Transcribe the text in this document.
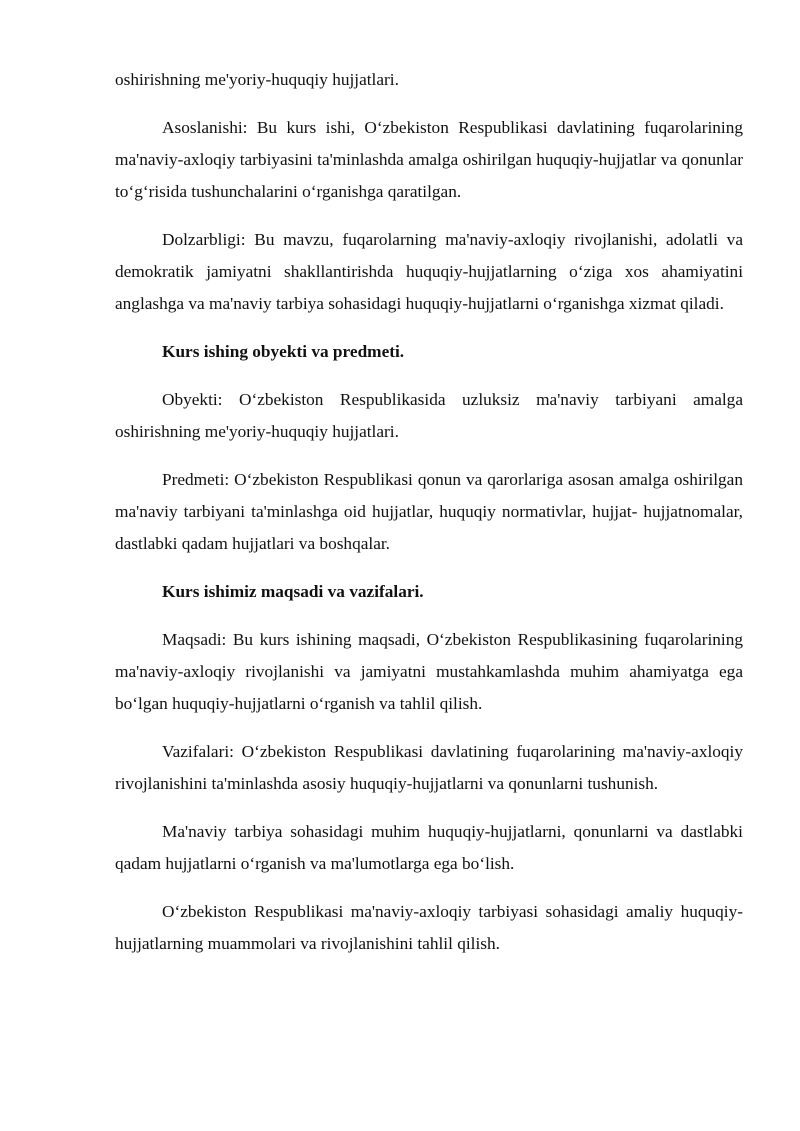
oshirishning me'yoriy-huquqiy hujjatlari.

Asoslanishi: Bu kurs ishi, O‘zbekiston Respublikasi davlatining fuqarolarining ma'naviy-axloqiy tarbiyasini ta'minlashda amalga oshirilgan huquqiy-hujjatlar va qonunlar to‘g‘risida tushunchalarini o‘rganishga qaratilgan.

Dolzarbligi: Bu mavzu, fuqarolarning ma'naviy-axloqiy rivojlanishi, adolatli va demokratik jamiyatni shakllantirishda huquqiy-hujjatlarning o‘ziga xos ahamiyatini anglashga va ma'naviy tarbiya sohasidagi huquqiy-hujjatlarni o‘rganishga xizmat qiladi.

Kurs ishing obyekti va predmeti.

Obyekti: O‘zbekiston Respublikasida uzluksiz ma'naviy tarbiyani amalga oshirishning me'yoriy-huquqiy hujjatlari.

Predmeti: O‘zbekiston Respublikasi qonun va qarorlariga asosan amalga oshirilgan ma'naviy tarbiyani ta'minlashga oid hujjatlar, huquqiy normativlar, hujjat- hujjatnomalar, dastlabki qadam hujjatlari va boshqalar.

Kurs ishimiz maqsadi va vazifalari.

Maqsadi: Bu kurs ishining maqsadi, O‘zbekiston Respublikasining fuqarolarining ma'naviy-axloqiy rivojlanishi va jamiyatni mustahkamlashda muhim ahamiyatga ega bo‘lgan huquqiy-hujjatlarni o‘rganish va tahlil qilish.

Vazifalari: O‘zbekiston Respublikasi davlatining fuqarolarining ma'naviy-axloqiy rivojlanishini ta'minlashda asosiy huquqiy-hujjatlarni va qonunlarni tushunish.

Ma'naviy tarbiya sohasidagi muhim huquqiy-hujjatlarni, qonunlarni va dastlabki qadam hujjatlarni o‘rganish va ma'lumotlarga ega bo‘lish.

O‘zbekiston Respublikasi ma'naviy-axloqiy tarbiyasi sohasidagi amaliy huquqiy-hujjatlarning muammolari va rivojlanishini tahlil qilish.
